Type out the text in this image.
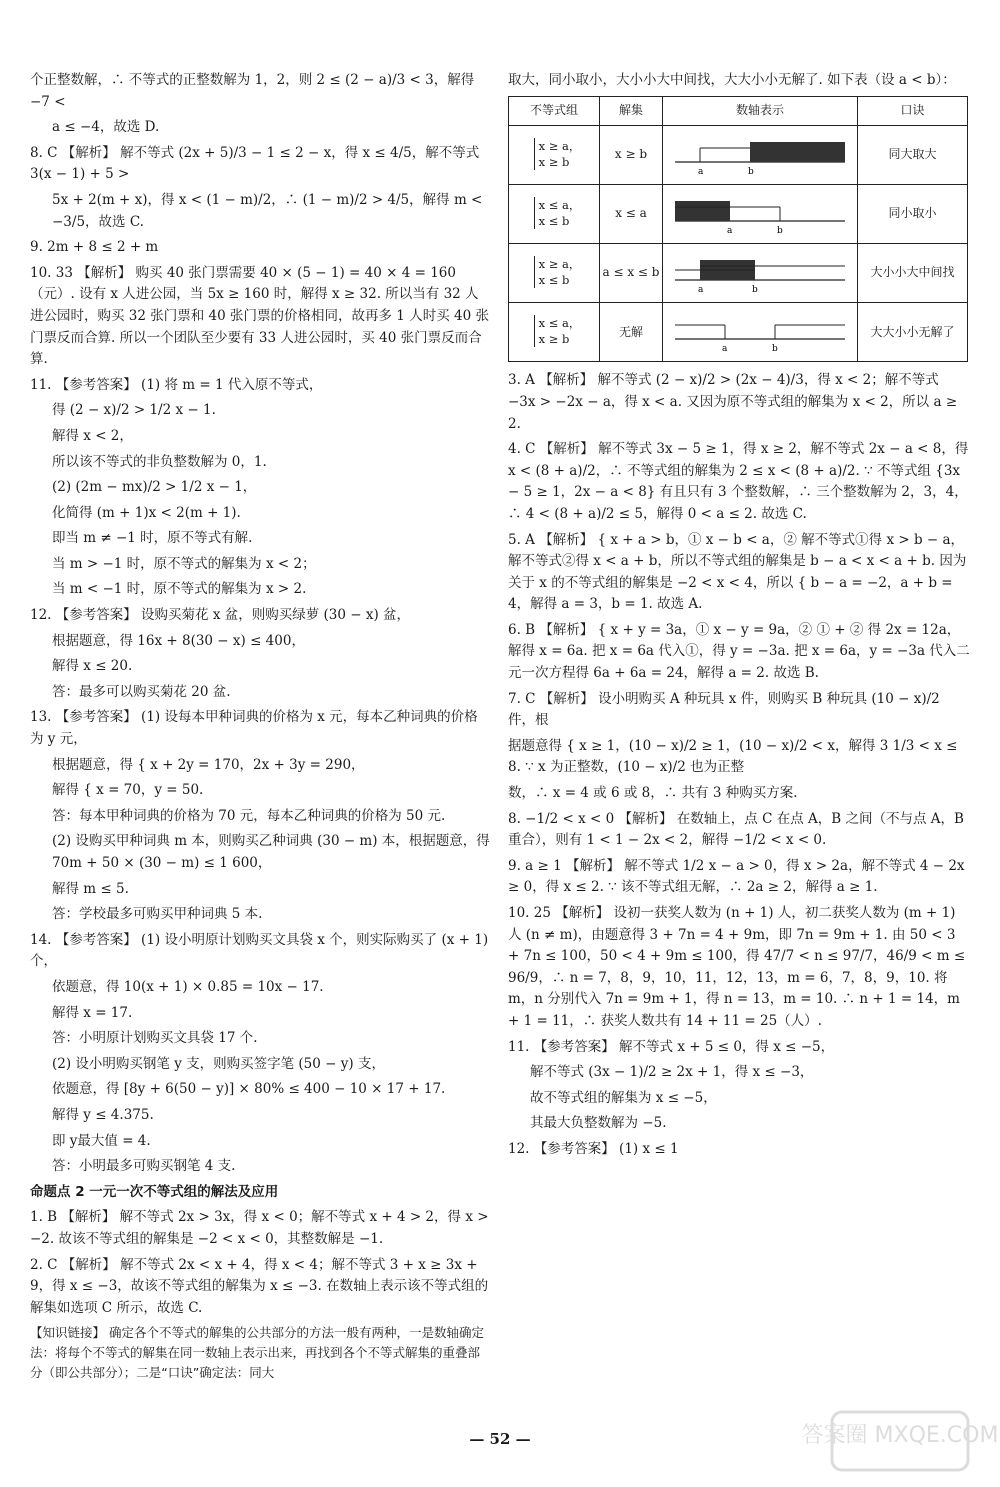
个正整数解，∴ 不等式的正整数解为 1，2，则 2 ≤ (2 − a)/3 < 3，解得 −7 <

a ≤ −4，故选 D.

8. C 【解析】 解不等式 (2x + 5)/3 − 1 ≤ 2 − x，得 x ≤ 4/5，解不等式 3(x − 1) + 5 >

5x + 2(m + x)，得 x < (1 − m)/2，∴ (1 − m)/2 > 4/5，解得 m < −3/5，故选 C.

9. 2m + 8 ≤ 2 + m

10. 33 【解析】 购买 40 张门票需要 40 × (5 − 1) = 40 × 4 = 160（元）. 设有 x 人进公园，当 5x ≥ 160 时，解得 x ≥ 32. 所以当有 32 人进公园时，购买 32 张门票和 40 张门票的价格相同，故再多 1 人时买 40 张门票反而合算. 所以一个团队至少要有 33 人进公园时，买 40 张门票反而合算.

11. 【参考答案】 (1) 将 m = 1 代入原不等式，

得 (2 − x)/2 > 1/2 x − 1.

解得 x < 2，

所以该不等式的非负整数解为 0，1.

(2) (2m − mx)/2 > 1/2 x − 1，

化简得 (m + 1)x < 2(m + 1).

即当 m ≠ −1 时，原不等式有解.

当 m > −1 时，原不等式的解集为 x < 2；

当 m < −1 时，原不等式的解集为 x > 2.

12. 【参考答案】 设购买菊花 x 盆，则购买绿萝 (30 − x) 盆，

根据题意，得 16x + 8(30 − x) ≤ 400，

解得 x ≤ 20.

答：最多可以购买菊花 20 盆.

13. 【参考答案】 (1) 设每本甲种词典的价格为 x 元，每本乙种词典的价格为 y 元，

根据题意，得 { x + 2y = 170，2x + 3y = 290，

解得 { x = 70，y = 50.

答：每本甲种词典的价格为 70 元，每本乙种词典的价格为 50 元.

(2) 设购买甲种词典 m 本，则购买乙种词典 (30 − m) 本，根据题意，得 70m + 50 × (30 − m) ≤ 1 600，

解得 m ≤ 5.

答：学校最多可购买甲种词典 5 本.

14. 【参考答案】 (1) 设小明原计划购买文具袋 x 个，则实际购买了 (x + 1) 个，

依题意，得 10(x + 1) × 0.85 = 10x − 17.

解得 x = 17.

答：小明原计划购买文具袋 17 个.

(2) 设小明购买钢笔 y 支，则购买签字笔 (50 − y) 支，

依题意，得 [8y + 6(50 − y)] × 80% ≤ 400 − 10 × 17 + 17.

解得 y ≤ 4.375.

即 y最大值 = 4.

答：小明最多可购买钢笔 4 支.

命题点 2 一元一次不等式组的解法及应用

1. B 【解析】 解不等式 2x > 3x，得 x < 0；解不等式 x + 4 > 2，得 x > −2. 故该不等式组的解集是 −2 < x < 0，其整数解是 −1.

2. C 【解析】 解不等式 2x < x + 4，得 x < 4；解不等式 3 + x ≥ 3x + 9，得 x ≤ −3，故该不等式组的解集为 x ≤ −3. 在数轴上表示该不等式组的解集如选项 C 所示，故选 C.

【知识链接】 确定各个不等式的解集的公共部分的方法一般有两种，一是数轴确定法：将每个不等式的解集在同一数轴上表示出来，再找到各个不等式解集的重叠部分（即公共部分）；二是“口诀”确定法：同大

取大，同小取小，大小小大中间找，大大小小无解了. 如下表（设 a < b）：

不等式组	解集	数轴表示	口诀
x ≥ a，
x ≥ b	x ≥ b	a b	同大取大
x ≤ a，
x ≤ b	x ≤ a	a b	同小取小
x ≥ a，
x ≤ b	a ≤ x ≤ b	a b	大小小大中间找
x ≤ a，
x ≥ b	无解	a b	大大小小无解了

3. A 【解析】 解不等式 (2 − x)/2 > (2x − 4)/3，得 x < 2；解不等式 −3x > −2x − a，得 x < a. 又因为原不等式组的解集为 x < 2，所以 a ≥ 2.

4. C 【解析】 解不等式 3x − 5 ≥ 1，得 x ≥ 2，解不等式 2x − a < 8，得 x < (8 + a)/2，∴ 不等式组的解集为 2 ≤ x < (8 + a)/2. ∵ 不等式组 {3x − 5 ≥ 1，2x − a < 8} 有且只有 3 个整数解，∴ 三个整数解为 2，3，4，∴ 4 < (8 + a)/2 ≤ 5，解得 0 < a ≤ 2. 故选 C.

5. A 【解析】 { x + a > b，① x − b < a，② 解不等式①得 x > b − a，解不等式②得 x < a + b，所以不等式组的解集是 b − a < x < a + b. 因为关于 x 的不等式组的解集是 −2 < x < 4，所以 { b − a = −2，a + b = 4，解得 a = 3，b = 1. 故选 A.

6. B 【解析】 { x + y = 3a，① x − y = 9a，② ① + ② 得 2x = 12a，解得 x = 6a. 把 x = 6a 代入①，得 y = −3a. 把 x = 6a，y = −3a 代入二元一次方程得 6a + 6a = 24，解得 a = 2. 故选 B.

7. C 【解析】 设小明购买 A 种玩具 x 件，则购买 B 种玩具 (10 − x)/2 件，根

据题意得 { x ≥ 1，(10 − x)/2 ≥ 1，(10 − x)/2 < x，解得 3 1/3 < x ≤ 8. ∵ x 为正整数，(10 − x)/2 也为正整

数，∴ x = 4 或 6 或 8，∴ 共有 3 种购买方案.

8. −1/2 < x < 0 【解析】 在数轴上，点 C 在点 A，B 之间（不与点 A，B 重合），则有 1 < 1 − 2x < 2，解得 −1/2 < x < 0.

9. a ≥ 1 【解析】 解不等式 1/2 x − a > 0，得 x > 2a，解不等式 4 − 2x ≥ 0，得 x ≤ 2. ∵ 该不等式组无解，∴ 2a ≥ 2，解得 a ≥ 1.

10. 25 【解析】 设初一获奖人数为 (n + 1) 人，初二获奖人数为 (m + 1) 人 (n ≠ m)，由题意得 3 + 7n = 4 + 9m，即 7n = 9m + 1. 由 50 < 3 + 7n ≤ 100，50 < 4 + 9m ≤ 100，得 47/7 < n ≤ 97/7，46/9 < m ≤ 96/9，∴ n = 7，8，9，10，11，12，13，m = 6，7，8，9，10. 将 m，n 分别代入 7n = 9m + 1，得 n = 13，m = 10. ∴ n + 1 = 14，m + 1 = 11，∴ 获奖人数共有 14 + 11 = 25（人）.

11. 【参考答案】 解不等式 x + 5 ≤ 0，得 x ≤ −5，

解不等式 (3x − 1)/2 ≥ 2x + 1，得 x ≤ −3，

故不等式组的解集为 x ≤ −5，

其最大负整数解为 −5.

12. 【参考答案】 (1) x ≤ 1

— 52 —	答案圈 MXQE.COM
